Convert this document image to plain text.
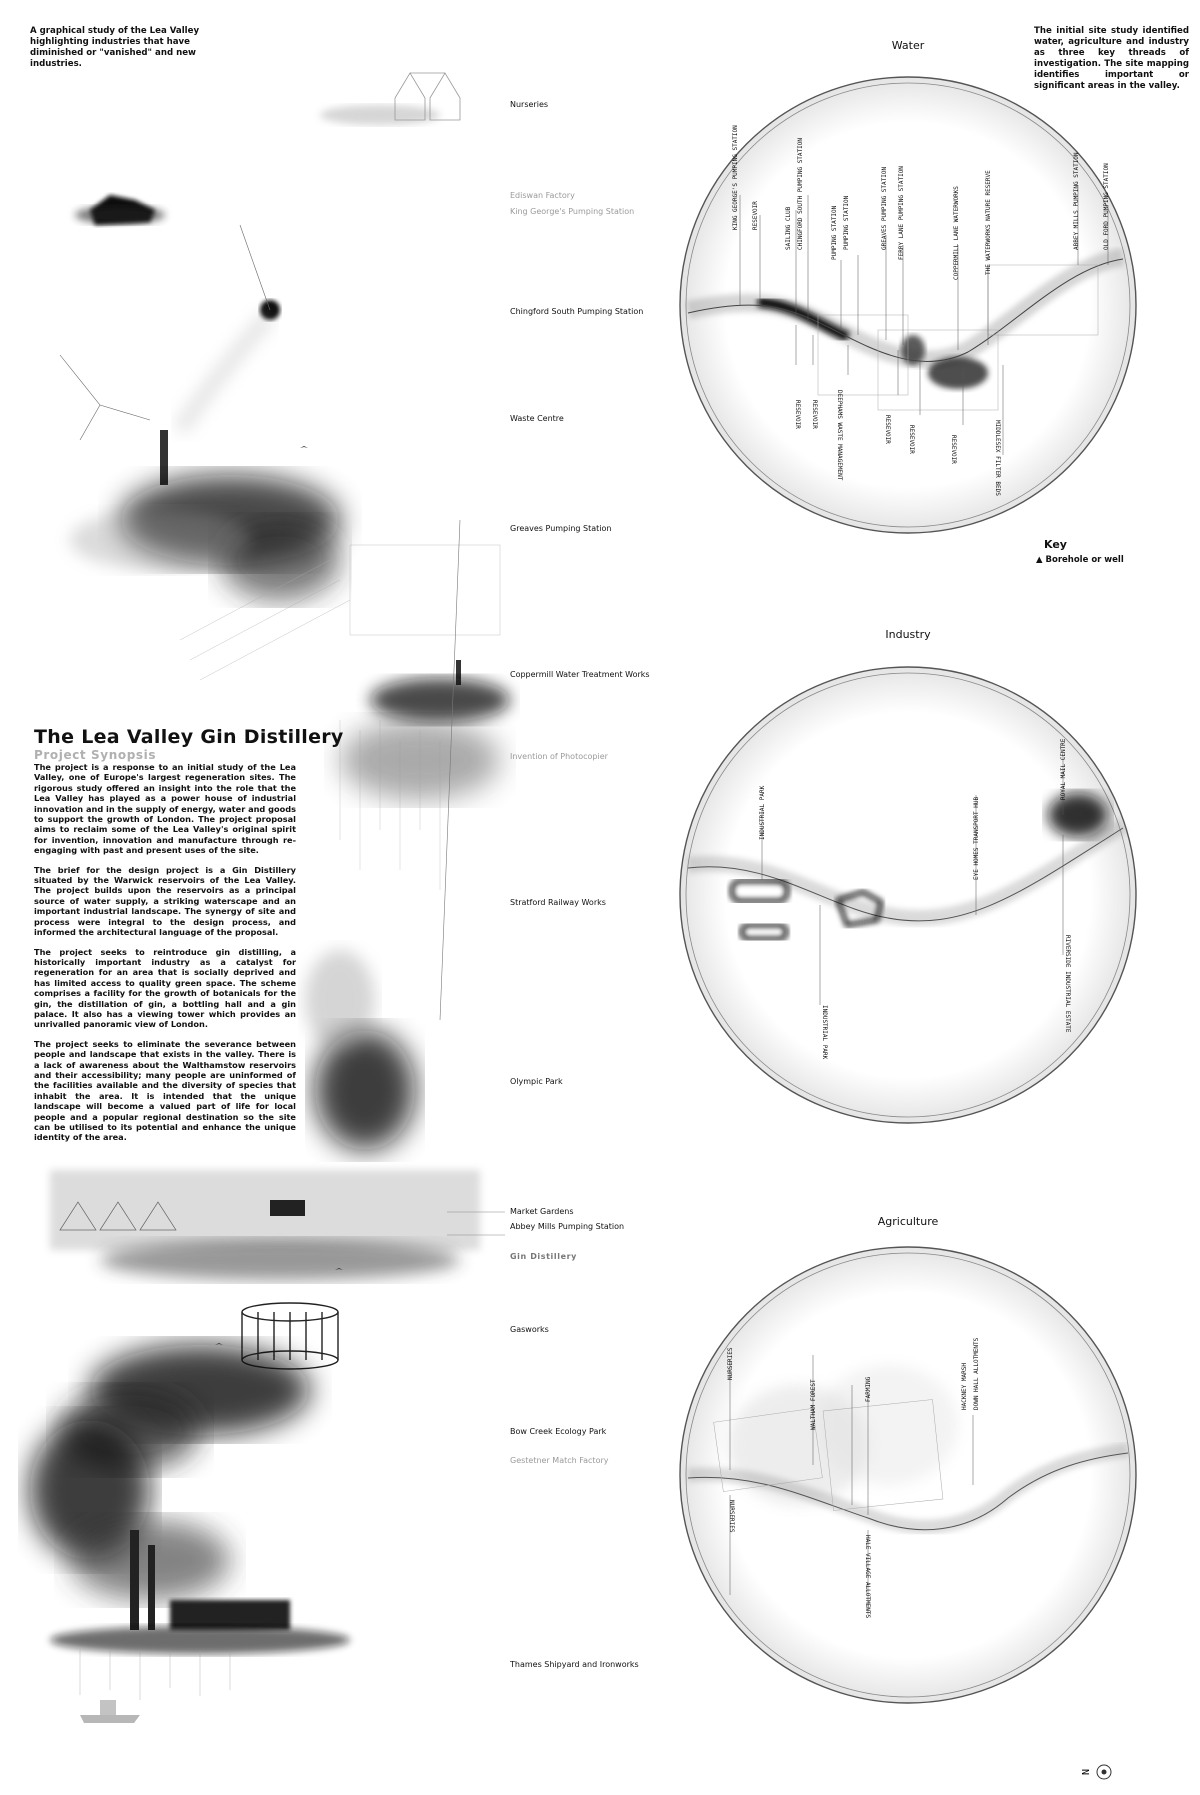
A graphical study of the Lea Valley highlighting industries that have diminished or "vanished" and new industries.
The initial site study identified water, agriculture and industry as three key threads of investigation. The site mapping identifies important or significant areas in the valley.
Nurseries
Ediswan Factory
King George's Pumping Station
Chingford South Pumping Station
Waste Centre
Greaves Pumping Station
Coppermill Water Treatment Works
Invention of Photocopier
Stratford Railway Works
Olympic Park
Market Gardens
Abbey Mills Pumping Station
Gin Distillery
Gasworks
Bow Creek Ecology Park
Gestetner Match Factory
Thames Shipyard and Ironworks
The Lea Valley Gin Distillery
Project Synopsis

The project is a response to an initial study of the Lea Valley, one of Europe's largest regeneration sites. The rigorous study offered an insight into the role that the Lea Valley has played as a power house of industrial innovation and in the supply of energy, water and goods to support the growth of London. The project proposal aims to reclaim some of the Lea Valley's original spirit for invention, innovation and manufacture through re-engaging with past and present uses of the site.

The brief for the design project is a Gin Distillery situated by the Warwick reservoirs of the Lea Valley. The project builds upon the reservoirs as a principal source of water supply, a striking waterscape and an important industrial landscape. The synergy of site and process were integral to the design process, and informed the architectural language of the proposal.

The project seeks to reintroduce gin distilling, a historically important industry as a catalyst for regeneration for an area that is socially deprived and has limited access to quality green space. The scheme comprises a facility for the growth of botanicals for the gin, the distillation of gin, a bottling hall and a gin palace. It also has a viewing tower which provides an unrivalled panoramic view of London.

The project seeks to eliminate the severance between people and landscape that exists in the valley. There is a lack of awareness about the Walthamstow reservoirs and their accessibility; many people are uninformed of the facilities available and the diversity of species that inhabit the area. It is intended that the unique landscape will become a valued part of life for local people and a popular regional destination so the site can be utilised to its potential and enhance the unique identity of the area.

Water
Industry
Agriculture
Key
▲ Borehole or well
KING GEORGE'S PUMPING STATION RESEVOIR	SAILING CLUB CHINGFORD SOUTH PUMPING STATION	PUMPING STATION PUMPING STATION	GREAVES PUMPING STATION FERRY LANE PUMPING STATION	COPPERMILL LANE WATERWORKS	THE WATERWORKS NATURE RESERVE	ABBEY MILLS PUMPING STATION	OLD FORD PUMPING STATION
RESEVOIR RESEVOIR	DEEPHAMS WASTE MANAGEMENT	RESEVOIR	RESEVOIR	RESEVOIR	MIDDLESEX FILTER BEDS
INDUSTRIAL PARK	EYE HOMES TRANSPORT HUB
ROYAL MAIL CENTRE
INDUSTRIAL PARK	RIVERSIDE INDUSTRIAL ESTATE
NURSERIES
WALTHAM FOREST	FARMING	HACKNEY MARSH DOWN HALL ALLOTMENTS
NURSERIES
HALE VILLAGE ALLOTMENTS
N
